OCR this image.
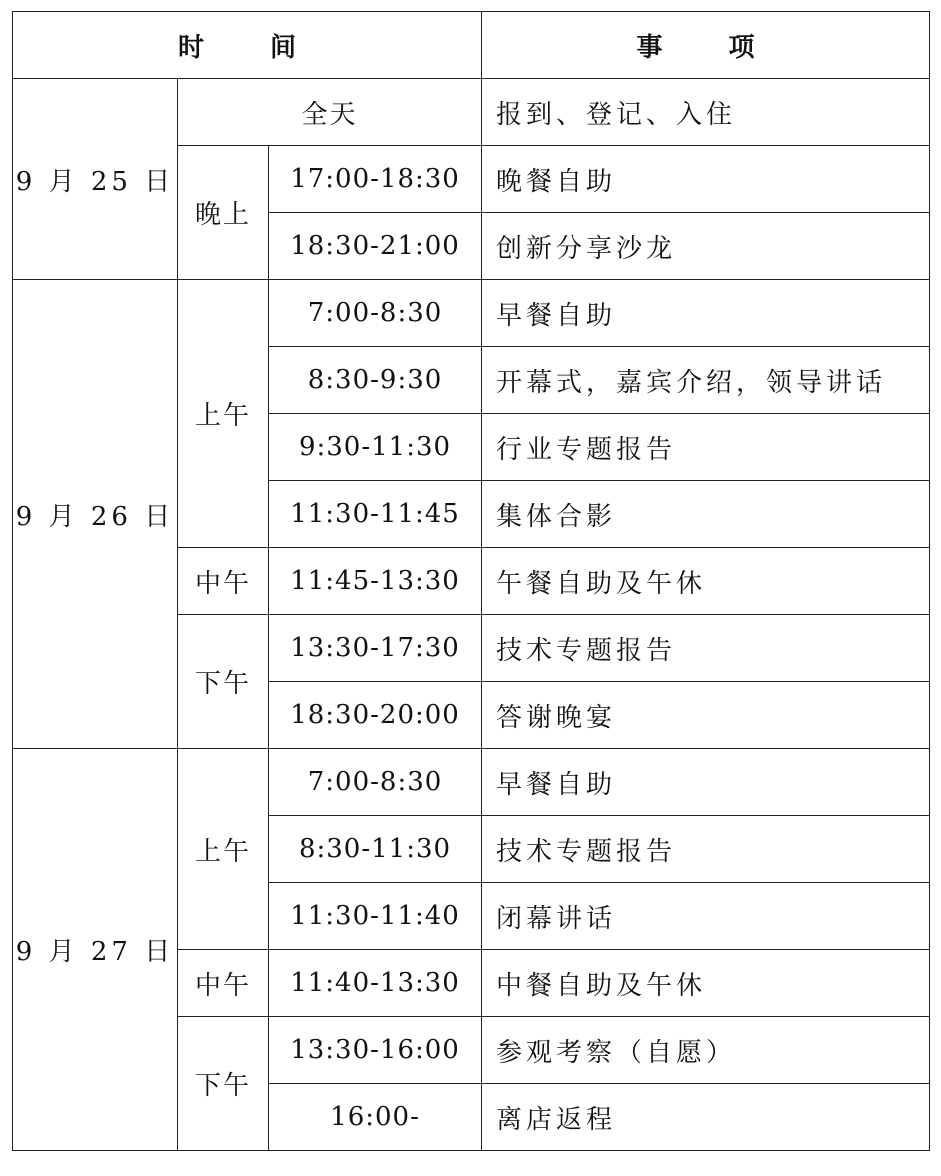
时　间			事　项
9 月 25 日	全天		报到、登记、入住
	晚上	17:00-18:30	晚餐自助
		18:30-21:00	创新分享沙龙
9 月 26 日	上午	7:00-8:30	早餐自助
		8:30-9:30	开幕式，嘉宾介绍，领导讲话
		9:30-11:30	行业专题报告
		11:30-11:45	集体合影
	中午	11:45-13:30	午餐自助及午休
	下午	13:30-17:30	技术专题报告
		18:30-20:00	答谢晚宴
9 月 27 日	上午	7:00-8:30	早餐自助
		8:30-11:30	技术专题报告
		11:30-11:40	闭幕讲话
	中午	11:40-13:30	中餐自助及午休
	下午	13:30-16:00	参观考察（自愿）
		16:00-	离店返程
